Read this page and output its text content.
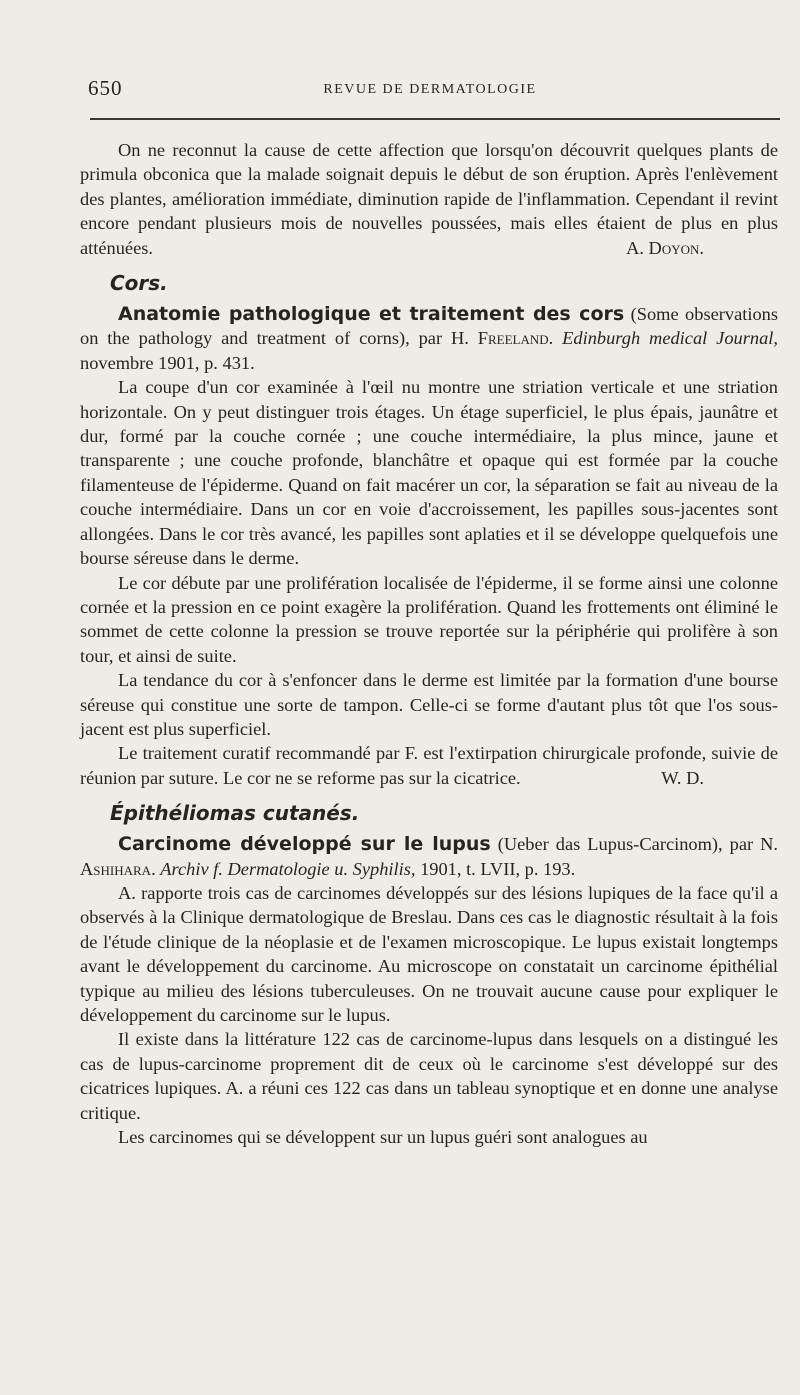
650	REVUE DE DERMATOLOGIE

On ne reconnut la cause de cette affection que lorsqu'on découvrit quelques plants de primula obconica que la malade soignait depuis le début de son éruption. Après l'enlèvement des plantes, amélioration immédiate, diminution rapide de l'inflammation. Cependant il revint encore pendant plusieurs mois de nouvelles poussées, mais elles étaient de plus en plus atténuées.	A. Doyon.

Cors.

Anatomie pathologique et traitement des cors (Some observations on the pathology and treatment of corns), par H. Freeland. Edinburgh medical Journal, novembre 1901, p. 431.

La coupe d'un cor examinée à l'œil nu montre une striation verticale et une striation horizontale. On y peut distinguer trois étages. Un étage superficiel, le plus épais, jaunâtre et dur, formé par la couche cornée ; une couche intermédiaire, la plus mince, jaune et transparente ; une couche profonde, blanchâtre et opaque qui est formée par la couche filamenteuse de l'épiderme. Quand on fait macérer un cor, la séparation se fait au niveau de la couche intermédiaire. Dans un cor en voie d'accroissement, les papilles sous-jacentes sont allongées. Dans le cor très avancé, les papilles sont aplaties et il se développe quelquefois une bourse séreuse dans le derme.

Le cor débute par une prolifération localisée de l'épiderme, il se forme ainsi une colonne cornée et la pression en ce point exagère la prolifération. Quand les frottements ont éliminé le sommet de cette colonne la pression se trouve reportée sur la périphérie qui prolifère à son tour, et ainsi de suite.

La tendance du cor à s'enfoncer dans le derme est limitée par la formation d'une bourse séreuse qui constitue une sorte de tampon. Celle-ci se forme d'autant plus tôt que l'os sous-jacent est plus superficiel.

Le traitement curatif recommandé par F. est l'extirpation chirurgicale profonde, suivie de réunion par suture. Le cor ne se reforme pas sur la cicatrice.	W. D.

Épithéliomas cutanés.

Carcinome développé sur le lupus (Ueber das Lupus-Carcinom), par N. Ashihara. Archiv f. Dermatologie u. Syphilis, 1901, t. LVII, p. 193.

A. rapporte trois cas de carcinomes développés sur des lésions lupiques de la face qu'il a observés à la Clinique dermatologique de Breslau. Dans ces cas le diagnostic résultait à la fois de l'étude clinique de la néoplasie et de l'examen microscopique. Le lupus existait longtemps avant le développement du carcinome. Au microscope on constatait un carcinome épithélial typique au milieu des lésions tuberculeuses. On ne trouvait aucune cause pour expliquer le développement du carcinome sur le lupus.

Il existe dans la littérature 122 cas de carcinome-lupus dans lesquels on a distingué les cas de lupus-carcinome proprement dit de ceux où le carcinome s'est développé sur des cicatrices lupiques. A. a réuni ces 122 cas dans un tableau synoptique et en donne une analyse critique.

Les carcinomes qui se développent sur un lupus guéri sont analogues au
